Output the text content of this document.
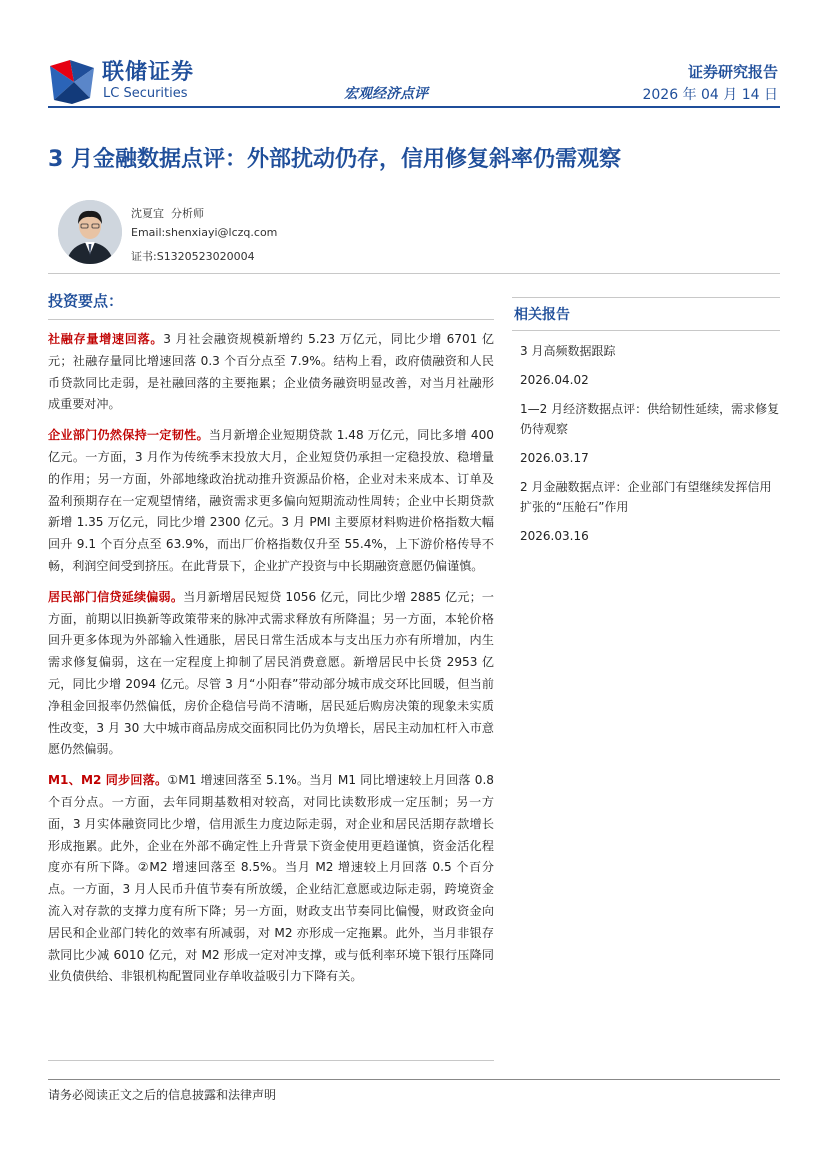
联储证券
LC Securities	宏观经济点评
证券研究报告
2026 年 04 月 14 日
3 月金融数据点评：外部扰动仍存，信用修复斜率仍需观察
沈夏宜 分析师
Email:shenxiayi@lczq.com
证书:S1320523020004
投资要点：

社融存量增速回落。3 月社会融资规模新增约 5.23 万亿元，同比少增 6701 亿元；社融存量同比增速回落 0.3 个百分点至 7.9%。结构上看，政府债融资和人民币贷款同比走弱，是社融回落的主要拖累；企业债务融资明显改善，对当月社融形成重要对冲。

企业部门仍然保持一定韧性。当月新增企业短期贷款 1.48 万亿元，同比多增 400 亿元。一方面，3 月作为传统季末投放大月，企业短贷仍承担一定稳投放、稳增量的作用；另一方面，外部地缘政治扰动推升资源品价格，企业对未来成本、订单及盈利预期存在一定观望情绪，融资需求更多偏向短期流动性周转；企业中长期贷款新增 1.35 万亿元，同比少增 2300 亿元。3 月 PMI 主要原材料购进价格指数大幅回升 9.1 个百分点至 63.9%，而出厂价格指数仅升至 55.4%，上下游价格传导不畅，利润空间受到挤压。在此背景下，企业扩产投资与中长期融资意愿仍偏谨慎。

居民部门信贷延续偏弱。当月新增居民短贷 1056 亿元，同比少增 2885 亿元；一方面，前期以旧换新等政策带来的脉冲式需求释放有所降温；另一方面，本轮价格回升更多体现为外部输入性通胀，居民日常生活成本与支出压力亦有所增加，内生需求修复偏弱，这在一定程度上抑制了居民消费意愿。新增居民中长贷 2953 亿元，同比少增 2094 亿元。尽管 3 月“小阳春”带动部分城市成交环比回暖，但当前净租金回报率仍然偏低，房价企稳信号尚不清晰，居民延后购房决策的现象未实质性改变，3 月 30 大中城市商品房成交面积同比仍为负增长，居民主动加杠杆入市意愿仍然偏弱。

M1、M2 同步回落。①M1 增速回落至 5.1%。当月 M1 同比增速较上月回落 0.8 个百分点。一方面，去年同期基数相对较高，对同比读数形成一定压制；另一方面，3 月实体融资同比少增，信用派生力度边际走弱，对企业和居民活期存款增长形成拖累。此外，企业在外部不确定性上升背景下资金使用更趋谨慎，资金活化程度亦有所下降。②M2 增速回落至 8.5%。当月 M2 增速较上月回落 0.5 个百分点。一方面，3 月人民币升值节奏有所放缓，企业结汇意愿或边际走弱，跨境资金流入对存款的支撑力度有所下降；另一方面，财政支出节奏同比偏慢，财政资金向居民和企业部门转化的效率有所减弱，对 M2 亦形成一定拖累。此外，当月非银存款同比少减 6010 亿元，对 M2 形成一定对冲支撑，或与低利率环境下银行压降同业负债供给、非银机构配置同业存单收益吸引力下降有关。

相关报告
3 月高频数据跟踪
2026.04.02
1—2 月经济数据点评：供给韧性延续，需求修复仍待观察
2026.03.17
2 月金融数据点评：企业部门有望继续发挥信用扩张的“压舱石”作用
2026.03.16
请务必阅读正文之后的信息披露和法律声明
